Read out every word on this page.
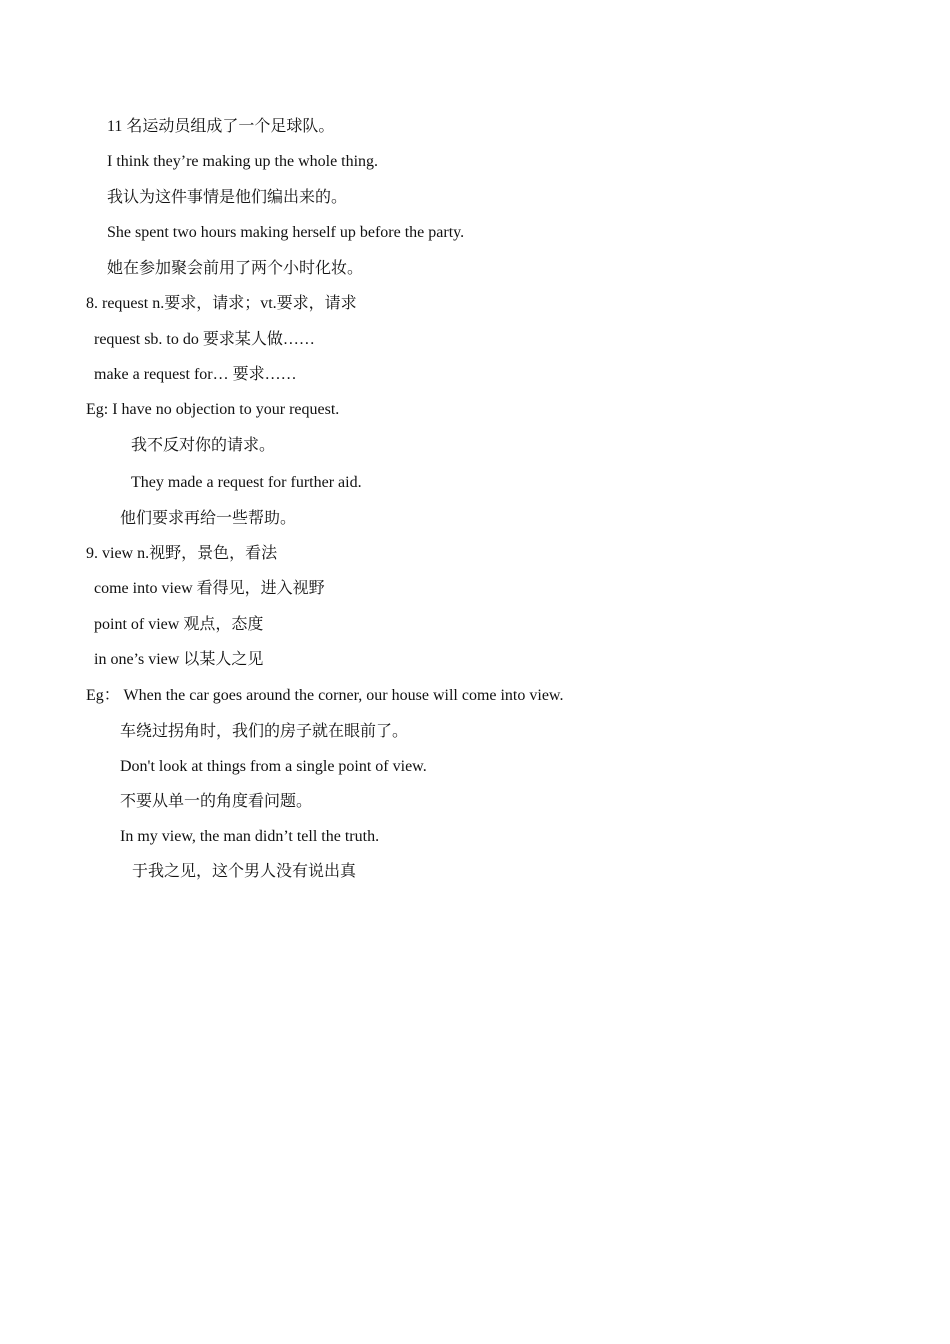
11 名运动员组成了一个足球队。
I think they’re making up the whole thing.
我认为这件事情是他们编出来的。
She spent two hours making herself up before the party.
她在参加聚会前用了两个小时化妆。
8. request n.要求，请求；vt.要求，请求
request sb. to do 要求某人做……
make a request for… 要求……
Eg: I have no objection to your request.
我不反对你的请求。
They made a request for further aid.
他们要求再给一些帮助。
9. view n.视野，景色，看法
come into view 看得见，进入视野
point of view 观点，态度
in one’s view 以某人之见
Eg： When the car goes around the corner, our house will come into view.
车绕过拐角时，我们的房子就在眼前了。
Don't look at things from a single point of view.
不要从单一的角度看问题。
In my view, the man didn’t tell the truth.
于我之见，这个男人没有说出真
